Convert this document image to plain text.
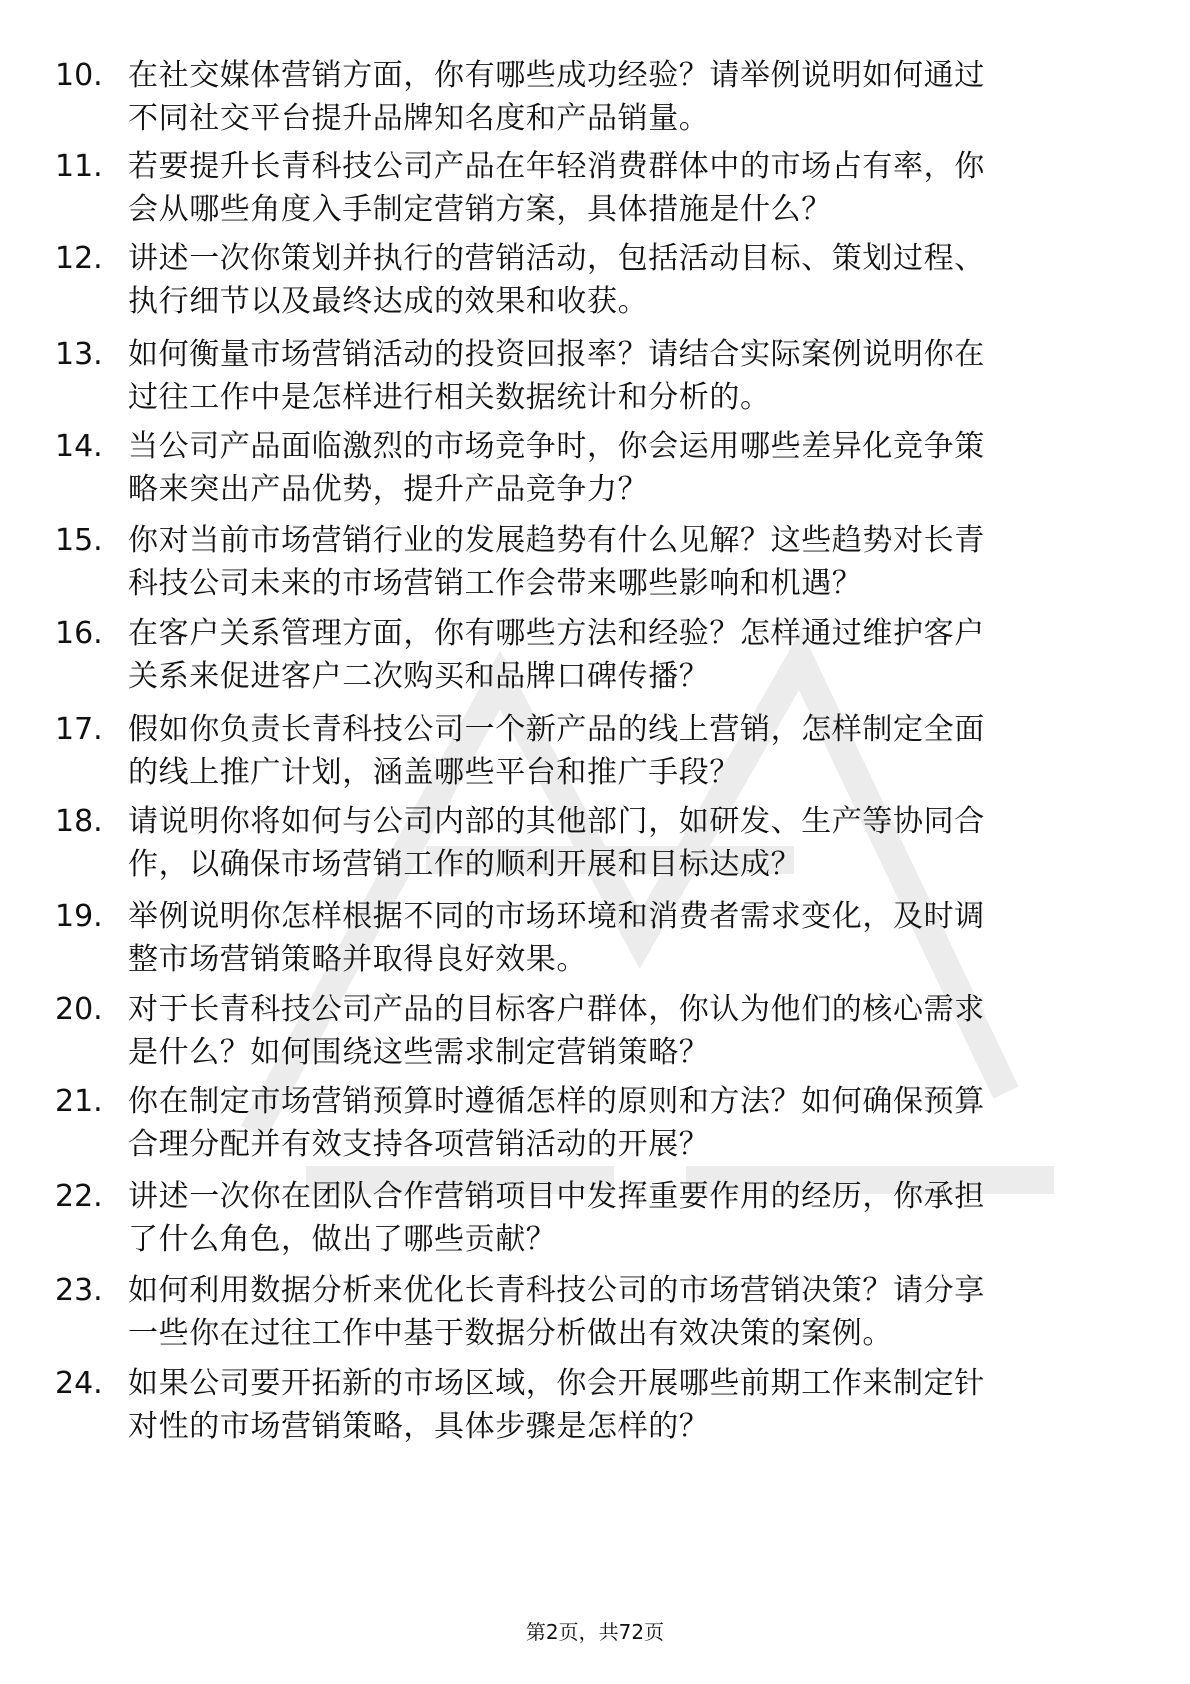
10. 在社交媒体营销方面，你有哪些成功经验？请举例说明如何通过
不同社交平台提升品牌知名度和产品销量。
11. 若要提升长青科技公司产品在年轻消费群体中的市场占有率，你
会从哪些角度入手制定营销方案，具体措施是什么？
12. 讲述一次你策划并执行的营销活动，包括活动目标、策划过程、
执行细节以及最终达成的效果和收获。
13. 如何衡量市场营销活动的投资回报率？请结合实际案例说明你在
过往工作中是怎样进行相关数据统计和分析的。
14. 当公司产品面临激烈的市场竞争时，你会运用哪些差异化竞争策
略来突出产品优势，提升产品竞争力？
15. 你对当前市场营销行业的发展趋势有什么见解？这些趋势对长青
科技公司未来的市场营销工作会带来哪些影响和机遇？
16. 在客户关系管理方面，你有哪些方法和经验？怎样通过维护客户
关系来促进客户二次购买和品牌口碑传播？
17. 假如你负责长青科技公司一个新产品的线上营销，怎样制定全面
的线上推广计划，涵盖哪些平台和推广手段？
18. 请说明你将如何与公司内部的其他部门，如研发、生产等协同合
作，以确保市场营销工作的顺利开展和目标达成？
19. 举例说明你怎样根据不同的市场环境和消费者需求变化，及时调
整市场营销策略并取得良好效果。
20. 对于长青科技公司产品的目标客户群体，你认为他们的核心需求
是什么？如何围绕这些需求制定营销策略？
21. 你在制定市场营销预算时遵循怎样的原则和方法？如何确保预算
合理分配并有效支持各项营销活动的开展？
22. 讲述一次你在团队合作营销项目中发挥重要作用的经历，你承担
了什么角色，做出了哪些贡献？
23. 如何利用数据分析来优化长青科技公司的市场营销决策？请分享
一些你在过往工作中基于数据分析做出有效决策的案例。
24. 如果公司要开拓新的市场区域，你会开展哪些前期工作来制定针
对性的市场营销策略，具体步骤是怎样的？
第2页，共72页
